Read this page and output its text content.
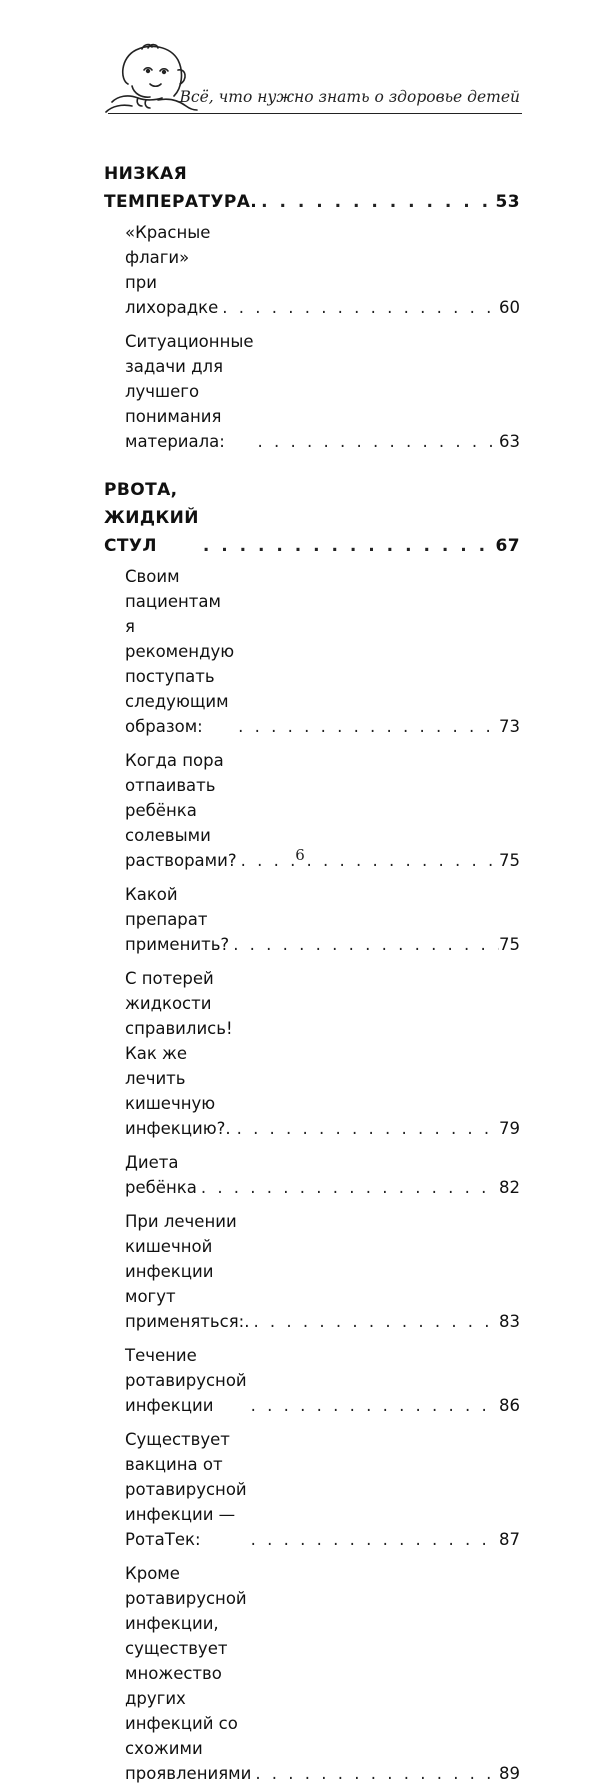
Всё, что нужно знать о здоровье детей
НИЗКАЯ ТЕМПЕРАТУРА. . . .	53
«Красные флаги» при лихорадке . . .	60
Ситуационные задачи для лучшего
понимания материала: . . .	63
РВОТА, ЖИДКИЙ СТУЛ . . .	67
Своим пациентам я рекомендую
поступать следующим образом: . . .	73
Когда пора отпаивать ребёнка
солевыми растворами? . . .	75
Какой препарат применить? . . .	75
С потерей жидкости справились!
Как же лечить кишечную инфекцию?. . . .	79
Диета ребёнка . . .	82
При лечении кишечной инфекции могут
применяться:. . . .	83
Течение ротавирусной инфекции . . .	86
Существует вакцина от ротавирусной
инфекции — РотаТек: . . .	87
Кроме ротавирусной инфекции,
существует множество
других инфекций со схожими
проявлениями . . .	89
6
